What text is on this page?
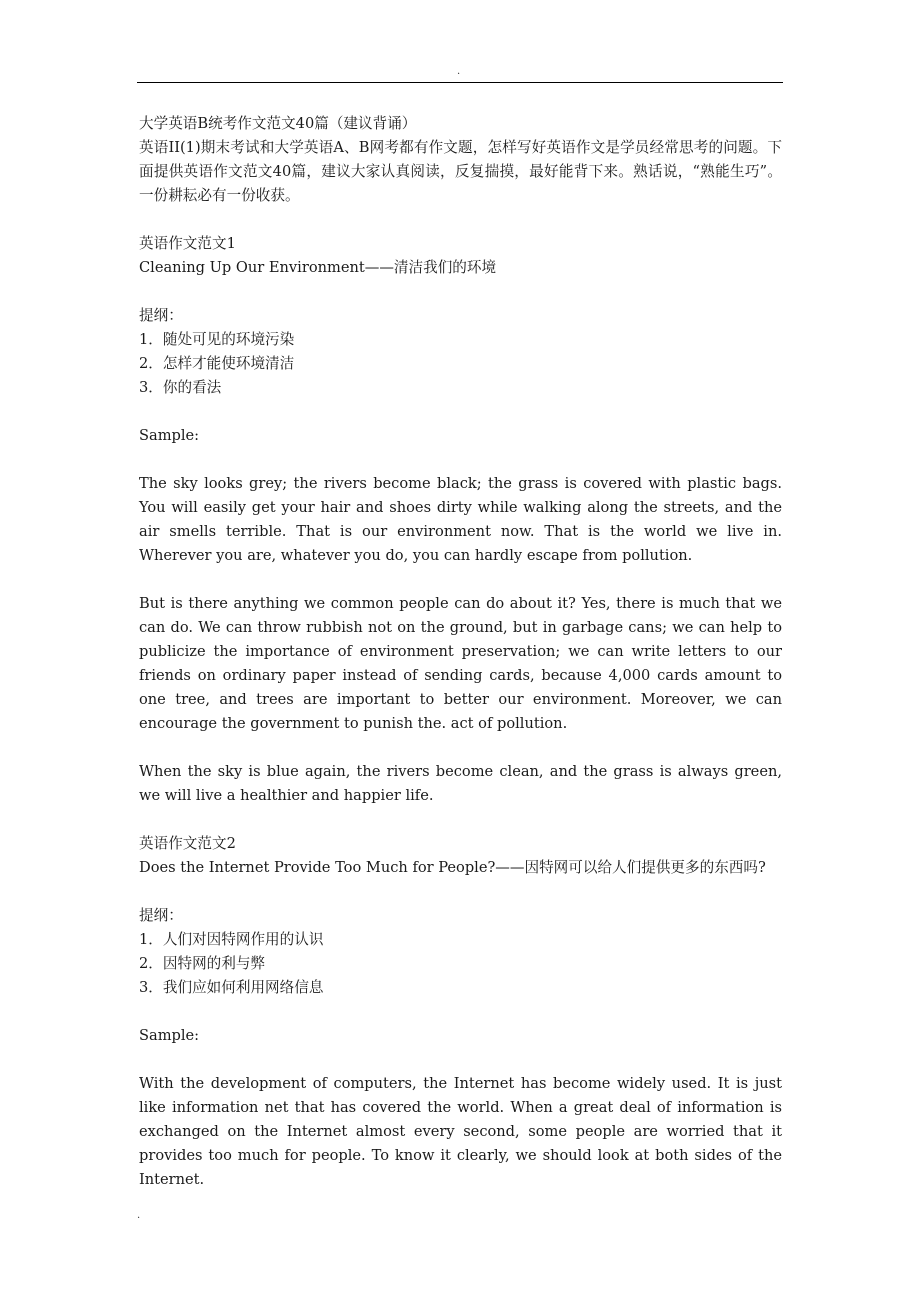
.
大学英语B统考作文范文40篇（建议背诵）
英语II(1)期末考试和大学英语A、B网考都有作文题，怎样写好英语作文是学员经常思考的问题。下面提供英语作文范文40篇，建议大家认真阅读，反复揣摸，最好能背下来。熟话说，“熟能生巧”。一份耕耘必有一份收获。
英语作文范文1
Cleaning Up Our Environment——清洁我们的环境
提纲：
1．随处可见的环境污染
2．怎样才能使环境清洁
3．你的看法
Sample:
The sky looks grey; the rivers become black; the grass is covered with plastic bags. You will easily get your hair and shoes dirty while walking along the streets, and the air smells terrible. That is our environment now. That is the world we live in. Wherever you are, whatever you do, you can hardly escape from pollution.
But is there anything we common people can do about it? Yes, there is much that we can do. We can throw rubbish not on the ground, but in garbage cans; we can help to publicize the importance of environment preservation; we can write letters to our friends on ordinary paper instead of sending cards, because 4,000 cards amount to one tree, and trees are important to better our environment. Moreover, we can encourage the government to punish the. act of pollution.
When the sky is blue again, the rivers become clean, and the grass is always green, we will live a healthier and happier life.
英语作文范文2
Does the Internet Provide Too Much for People?——因特网可以给人们提供更多的东西吗?
提纲：
1．人们对因特网作用的认识
2．因特网的利与弊
3．我们应如何利用网络信息
Sample:
With the development of computers, the Internet has become widely used. It is just like information net that has covered the world. When a great deal of information is exchanged on the Internet almost every second, some people are worried that it provides too much for people. To know it clearly, we should look at both sides of the Internet.
.
